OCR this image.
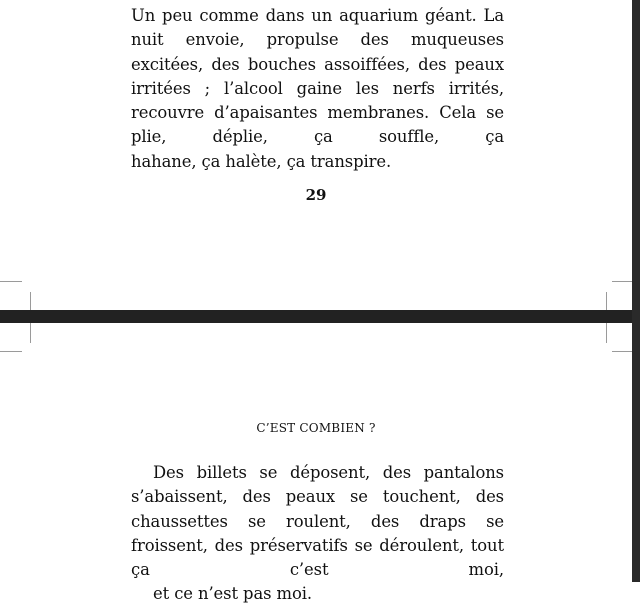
Un peu comme dans un aquarium géant. La nuit envoie, propulse des muqueuses excitées, des bouches assoiffées, des peaux irritées ; l’alcool gaine les nerfs irrités, recouvre d’apaisantes membranes. Cela se plie, déplie, ça souffle, ça
hahane, ça halète, ça transpire.

29

C’EST COMBIEN ?

Des billets se déposent, des pantalons s’abaissent, des peaux se touchent, des chaussettes se roulent, des draps se froissent, des préservatifs se déroulent, tout ça c’est moi,
et ce n’est pas moi.
